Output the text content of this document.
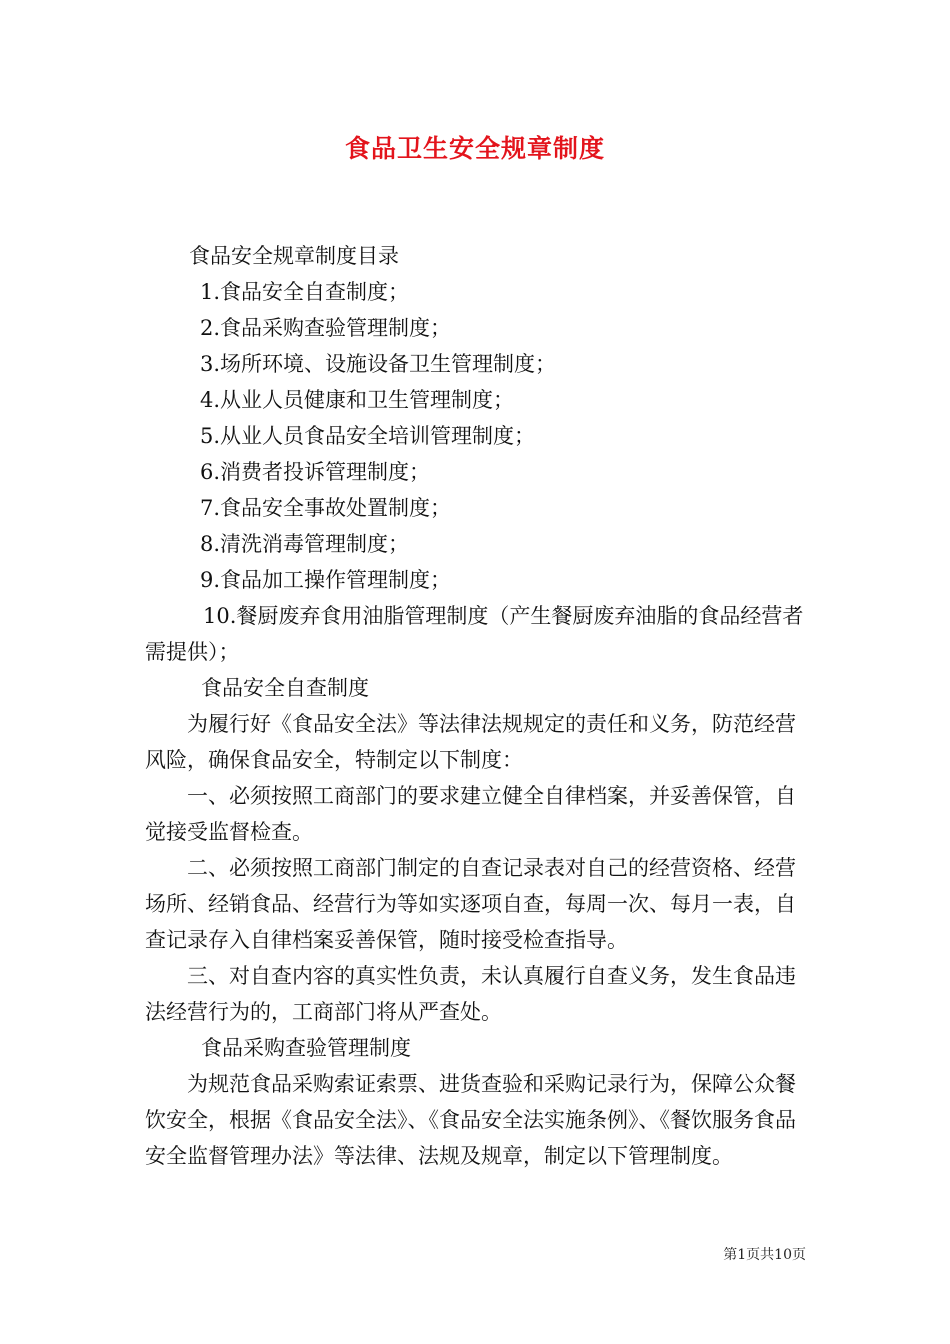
食品卫生安全规章制度

食品安全规章制度目录

1.食品安全自查制度；

2.食品采购查验管理制度；

3.场所环境、设施设备卫生管理制度；

4.从业人员健康和卫生管理制度；

5.从业人员食品安全培训管理制度；

6.消费者投诉管理制度；

7.食品安全事故处置制度；

8.清洗消毒管理制度；

9.食品加工操作管理制度；

10.餐厨废弃食用油脂管理制度（产生餐厨废弃油脂的食品经营者需提供）；

食品安全自查制度

为履行好《食品安全法》等法律法规规定的责任和义务，防范经营风险，确保食品安全，特制定以下制度：

一、必须按照工商部门的要求建立健全自律档案，并妥善保管，自觉接受监督检查。

二、必须按照工商部门制定的自查记录表对自己的经营资格、经营场所、经销食品、经营行为等如实逐项自查，每周一次、每月一表，自查记录存入自律档案妥善保管，随时接受检查指导。

三、对自查内容的真实性负责，未认真履行自查义务，发生食品违法经营行为的，工商部门将从严查处。

食品采购查验管理制度

为规范食品采购索证索票、进货查验和采购记录行为，保障公众餐饮安全，根据《食品安全法》、《食品安全法实施条例》、《餐饮服务食品安全监督管理办法》等法律、法规及规章，制定以下管理制度。

第1页共10页
